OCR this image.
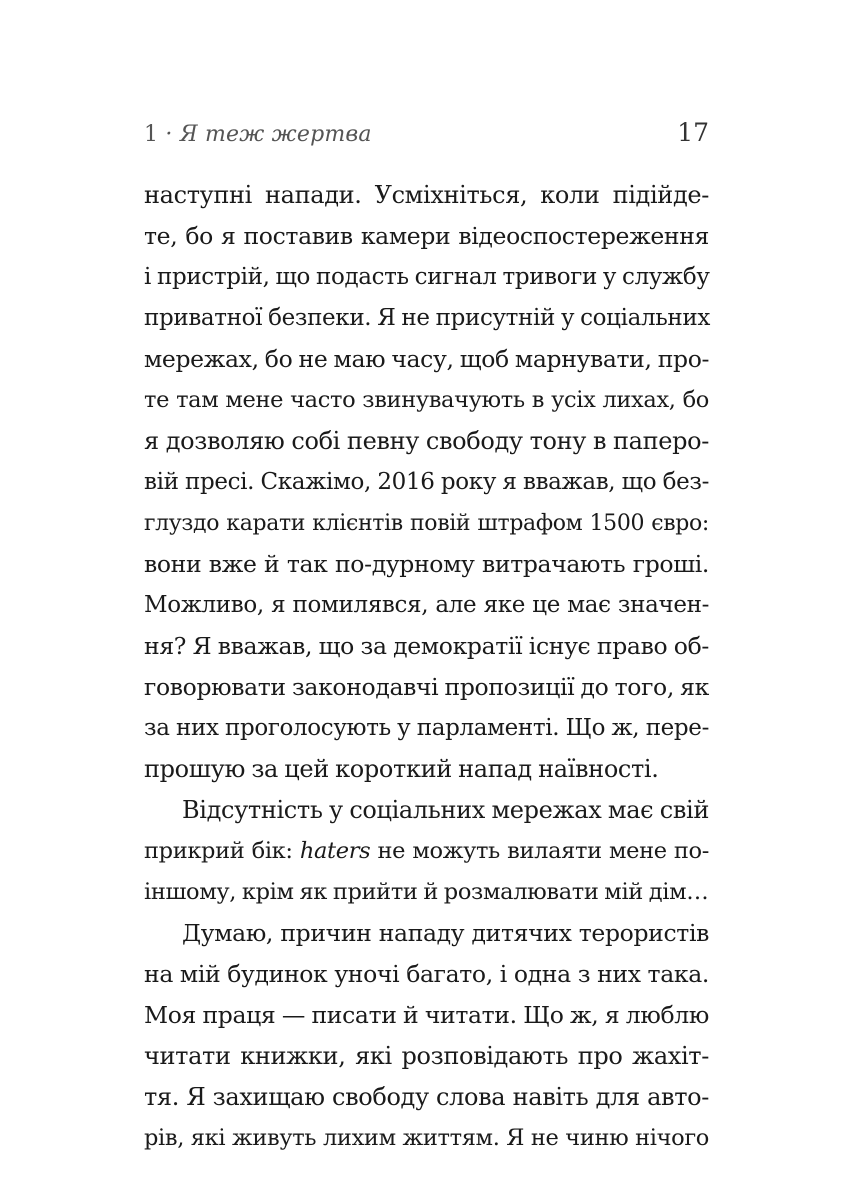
1 · Я теж жертва	17
наступні напади. Усміхніться, коли підійде-
те, бо я поставив камери відеоспостереження
і пристрій, що подасть сигнал тривоги у службу
приватної безпеки. Я не присутній у соціальних
мережах, бо не маю часу, щоб марнувати, про-
те там мене часто звинувачують в усіх лихах, бо
я дозволяю собі певну свободу тону в паперо-
вій пресі. Скажімо, 2016 року я вважав, що без-
глуздо карати клієнтів повій штрафом 1500 євро:
вони вже й так по-дурному витрачають гроші.
Можливо, я помилявся, але яке це має значен-
ня? Я вважав, що за демократії існує право об-
говорювати законодавчі пропозиції до того, як
за них проголосують у парламенті. Що ж, пере-
прошую за цей короткий напад наївності.
Відсутність у соціальних мережах має свій
прикрий бік: haters не можуть вилаяти мене по-
іншому, крім як прийти й розмалювати мій дім…
Думаю, причин нападу дитячих терористів
на мій будинок уночі багато, і одна з них така.
Моя праця — писати й читати. Що ж, я люблю
читати книжки, які розповідають про жахіт-
тя. Я захищаю свободу слова навіть для авто-
рів, які живуть лихим життям. Я не чиню нічого
